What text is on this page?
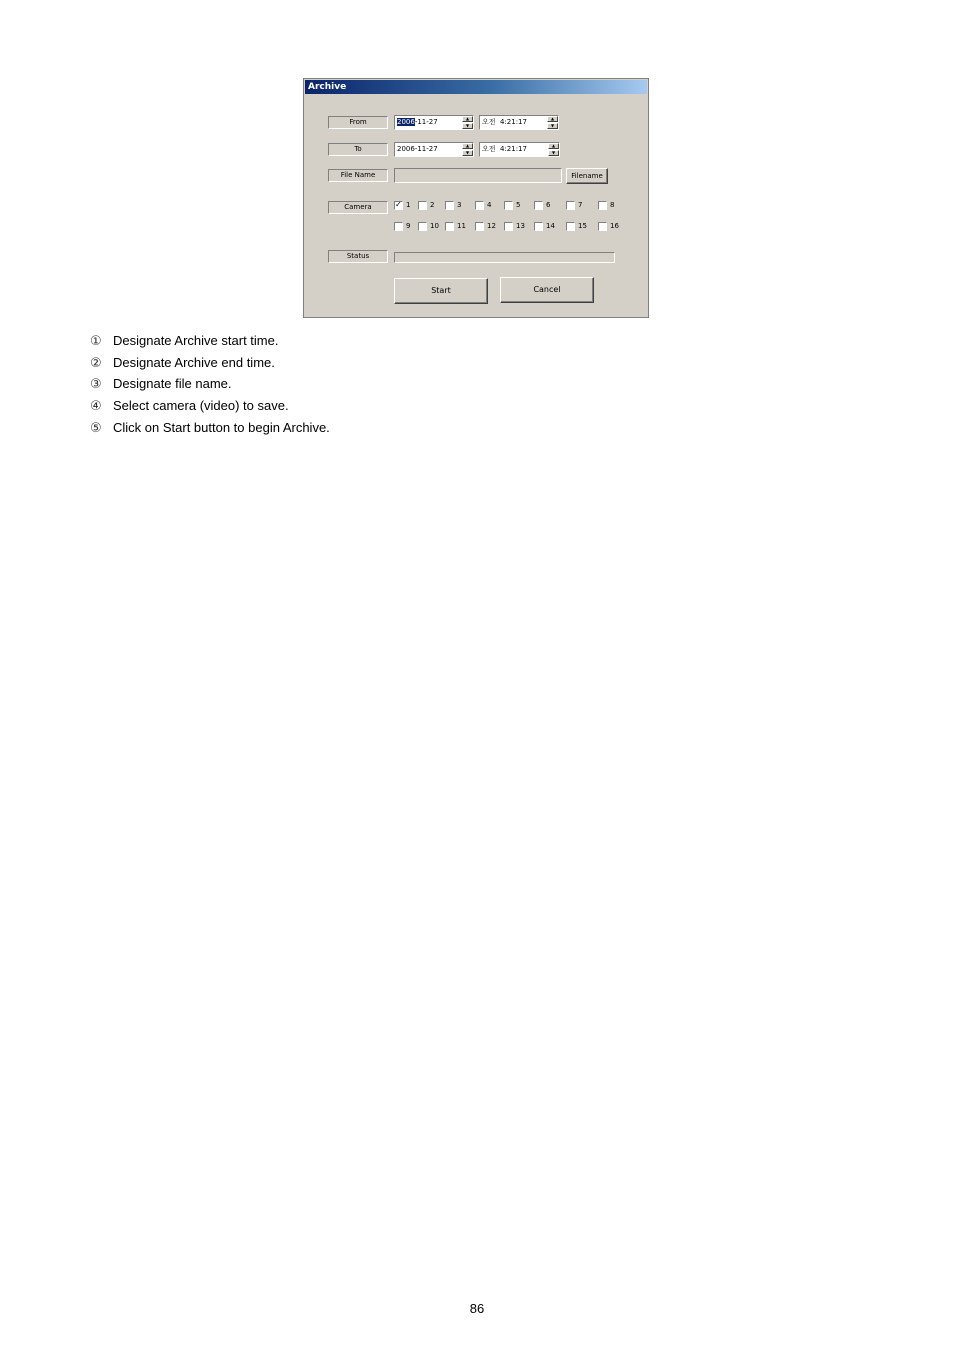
Archive
From	2006-11-27	▲
▼	오전  4:21:17	▲
▼
To	2006-11-27	▲
▼	오전  4:21:17	▲
▼
File Name	Filename
Camera
✓	1	2	3	4	5	6	7	8
9	10	11	12	13	14	15	16
Status
Start	Cancel
① Designate Archive start time.
② Designate Archive end time.
③ Designate file name.
④ Select camera (video) to save.
⑤ Click on Start button to begin Archive.
86
